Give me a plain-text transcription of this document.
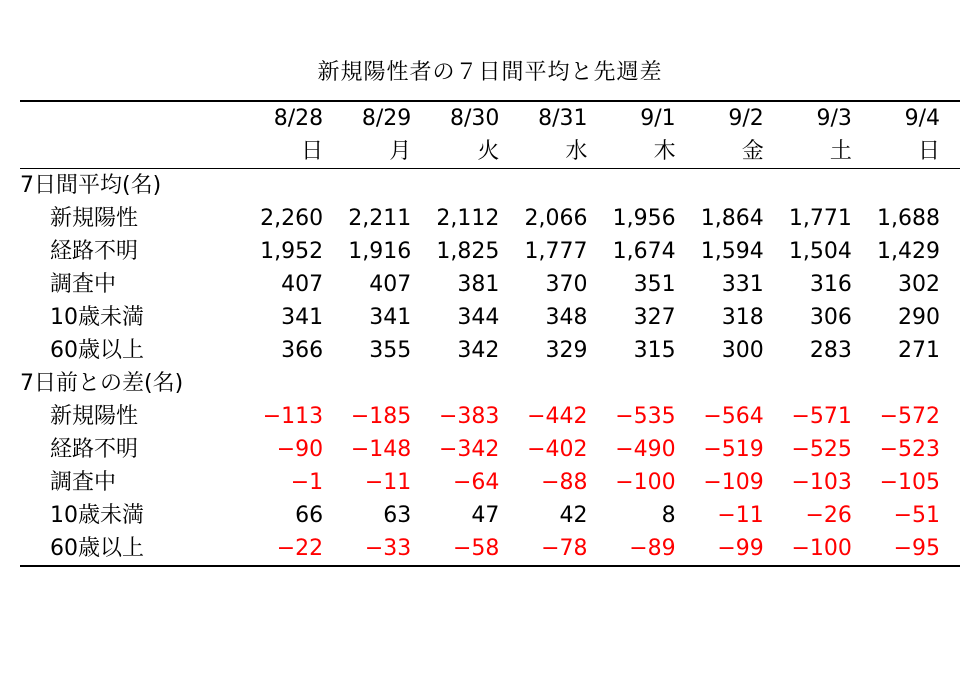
新規陽性者の７日間平均と先週差
	8/28	8/29	8/30	8/31	9/1	9/2	9/3	9/4
	日	月	火	水	木	金	土	日
7日間平均(名)								
新規陽性	2,260	2,211	2,112	2,066	1,956	1,864	1,771	1,688
経路不明	1,952	1,916	1,825	1,777	1,674	1,594	1,504	1,429
調査中	407	407	381	370	351	331	316	302
10歳未満	341	341	344	348	327	318	306	290
60歳以上	366	355	342	329	315	300	283	271
7日前との差(名)								
新規陽性	−113	−185	−383	−442	−535	−564	−571	−572
経路不明	−90	−148	−342	−402	−490	−519	−525	−523
調査中	−1	−11	−64	−88	−100	−109	−103	−105
10歳未満	66	63	47	42	8	−11	−26	−51
60歳以上	−22	−33	−58	−78	−89	−99	−100	−95
